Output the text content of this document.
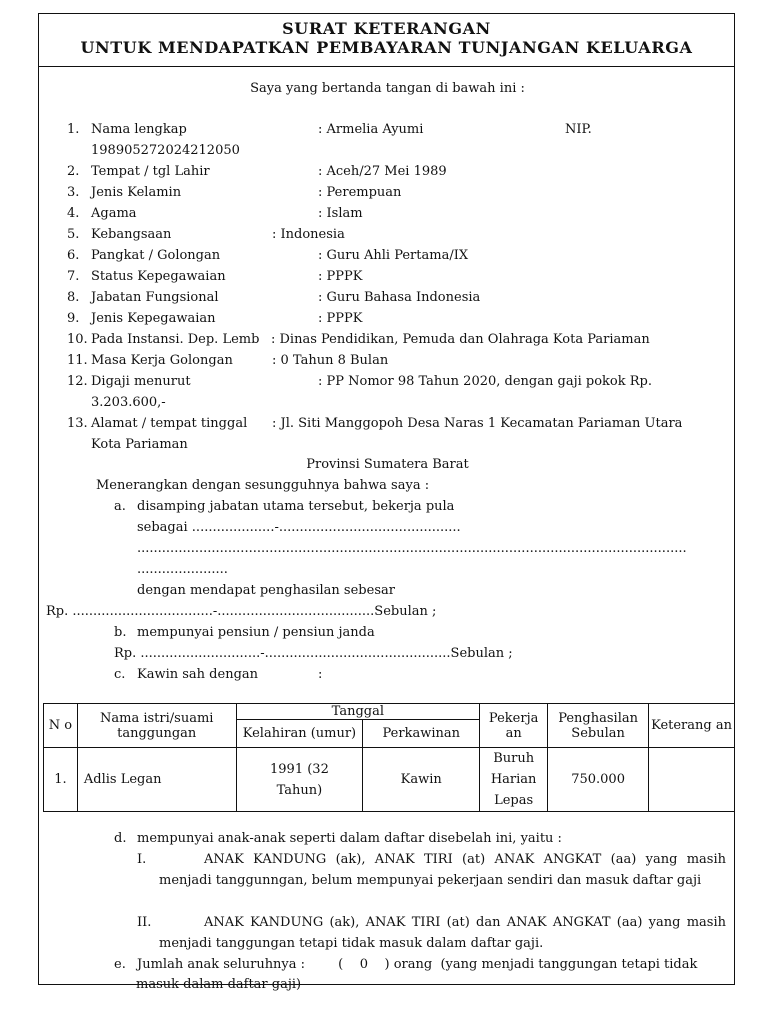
SURAT KETERANGAN
UNTUK MENDAPATKAN PEMBAYARAN TUNJANGAN KELUARGA
Saya yang bertanda tangan di bawah ini :
1. Nama lengkap	: Armelia Ayumi	NIP.
198905272024212050
2. Tempat / tgl Lahir	: Aceh/27 Mei 1989
3. Jenis Kelamin	: Perempuan
4. Agama	: Islam
5. Kebangsaan	: Indonesia
6. Pangkat / Golongan	: Guru Ahli Pertama/IX
7. Status Kepegawaian	: PPPK
8. Jabatan Fungsional	: Guru Bahasa Indonesia
9. Jenis Kepegawaian	: PPPK
10. Pada Instansi. Dep. Lemb : Dinas Pendidikan, Pemuda dan Olahraga Kota Pariaman
11. Masa Kerja Golongan	: 0 Tahun 8 Bulan
12. Digaji menurut	: PP Nomor 98 Tahun 2020, dengan gaji pokok Rp.
3.203.600,-
13. Alamat / tempat tinggal : Jl. Siti Manggopoh Desa Naras 1 Kecamatan Pariaman Utara
Kota Pariaman
Provinsi Sumatera Barat
Menerangkan dengan sesungguhnya bahwa saya :
a. disamping jabatan utama tersebut, bekerja pula
sebagai ....................-............................................
.....................................................................................................................................
......................
dengan mendapat penghasilan sebesar
Rp. ..................................-......................................Sebulan ;
b. mempunyai pensiun / pensiun janda
Rp. .............................-.............................................Sebulan ;
c. Kawin sah dengan	:
N o	Nama istri/suami tanggungan	Tanggal		Pekerja an	Penghasilan Sebulan	Keterang an
		Kelahiran (umur)	Perkawinan			
1.	Adlis Legan	1991 (32 Tahun)	Kawin	Buruh Harian Lepas	750.000	
d. mempunyai anak-anak seperti dalam daftar disebelah ini, yaitu :
I.	ANAK KANDUNG (ak), ANAK TIRI (at) ANAK ANGKAT (aa) yang masih menjadi tanggunngan, belum mempunyai pekerjaan sendiri dan masuk daftar gaji
II.	ANAK KANDUNG (ak), ANAK TIRI (at) dan ANAK ANGKAT (aa) yang masih menjadi tanggungan tetapi tidak masuk dalam daftar gaji.
e. Jumlah anak seluruhnya :        (    0    ) orang  (yang menjadi tanggungan tetapi tidak
masuk dalam daftar gaji)
